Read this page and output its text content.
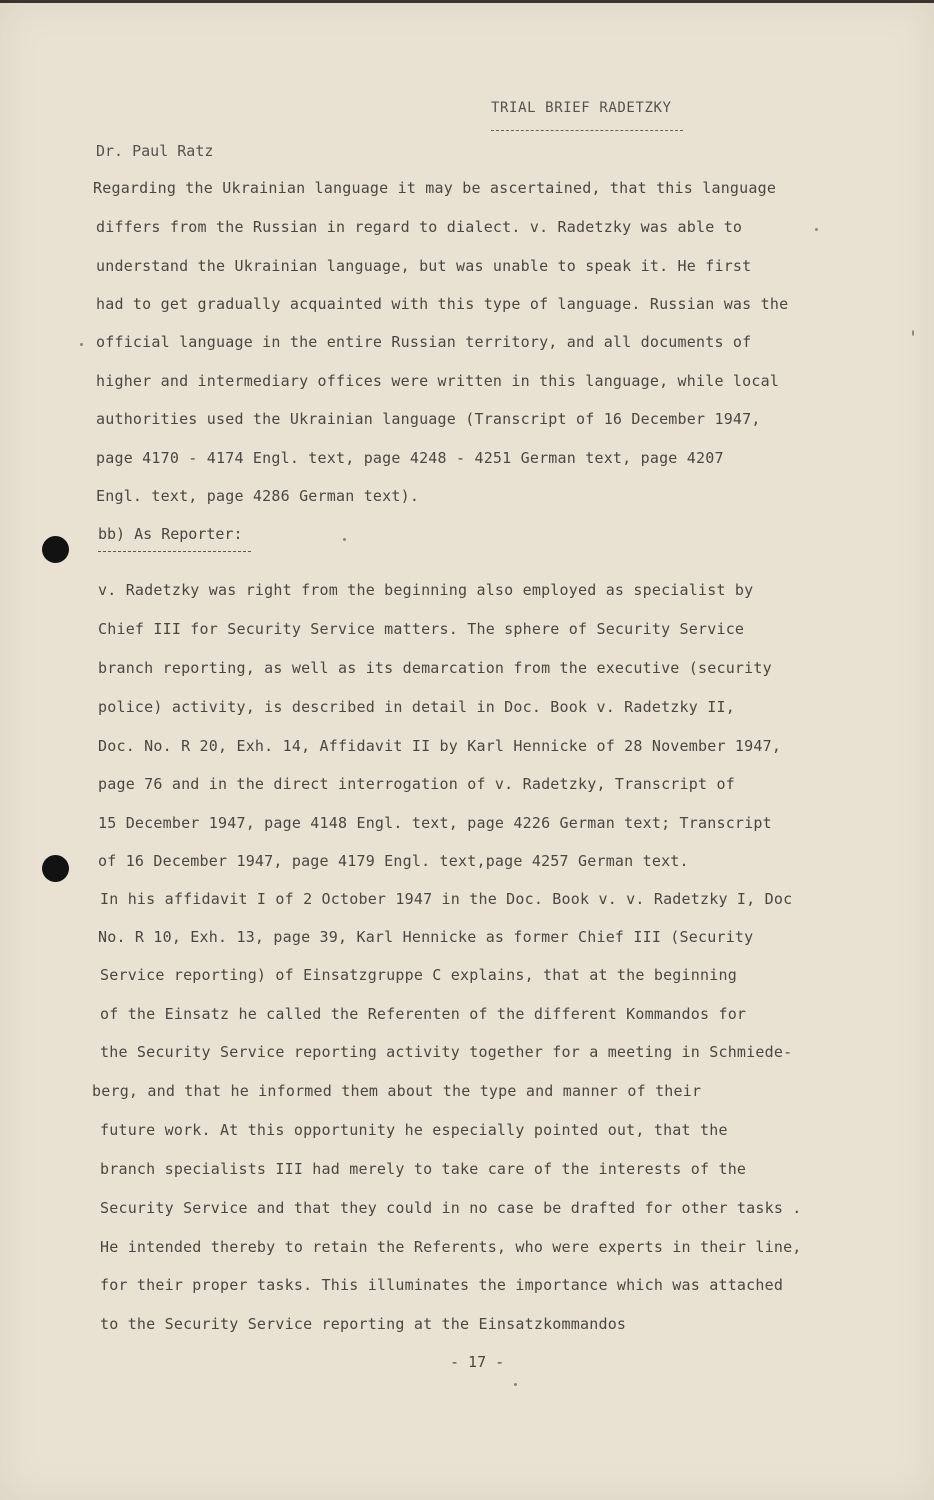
TRIAL BRIEF RADETZKY
Dr. Paul Ratz
Regarding the Ukrainian language it may be ascertained, that this language
differs from the Russian in regard to dialect. v. Radetzky was able to
understand the Ukrainian language, but was unable to speak it. He first
had to get gradually acquainted with this type of language. Russian was the
official language in the entire Russian territory, and all documents of
higher and intermediary offices were written in this language, while local
authorities used the Ukrainian language (Transcript of 16 December 1947,
page 4170 - 4174 Engl. text, page 4248 - 4251 German text, page 4207
Engl. text, page 4286 German text).
bb) As Reporter:
v. Radetzky was right from the beginning also employed as specialist by
Chief III for Security Service matters. The sphere of Security Service
branch reporting, as well as its demarcation from the executive (security
police) activity, is described in detail in Doc. Book v. Radetzky II,
Doc. No. R 20, Exh. 14, Affidavit II by Karl Hennicke of 28 November 1947,
page 76 and in the direct interrogation of v. Radetzky, Transcript of
15 December 1947, page 4148 Engl. text, page 4226 German text; Transcript
of 16 December 1947, page 4179 Engl. text,page 4257 German text.
In his affidavit I of 2 October 1947 in the Doc. Book v. v. Radetzky I, Doc
No. R 10, Exh. 13, page 39, Karl Hennicke as former Chief III (Security
Service reporting) of Einsatzgruppe C explains, that at the beginning
of the Einsatz he called the Referenten of the different Kommandos for
the Security Service reporting activity together for a meeting in Schmiede-
berg, and that he informed them about the type and manner of their
future work. At this opportunity he especially pointed out, that the
branch specialists III had merely to take care of the interests of the
Security Service and that they could in no case be drafted for other tasks .
He intended thereby to retain the Referents, who were experts in their line,
for their proper tasks. This illuminates the importance which was attached
to the Security Service reporting at the Einsatzkommandos
- 17 -
